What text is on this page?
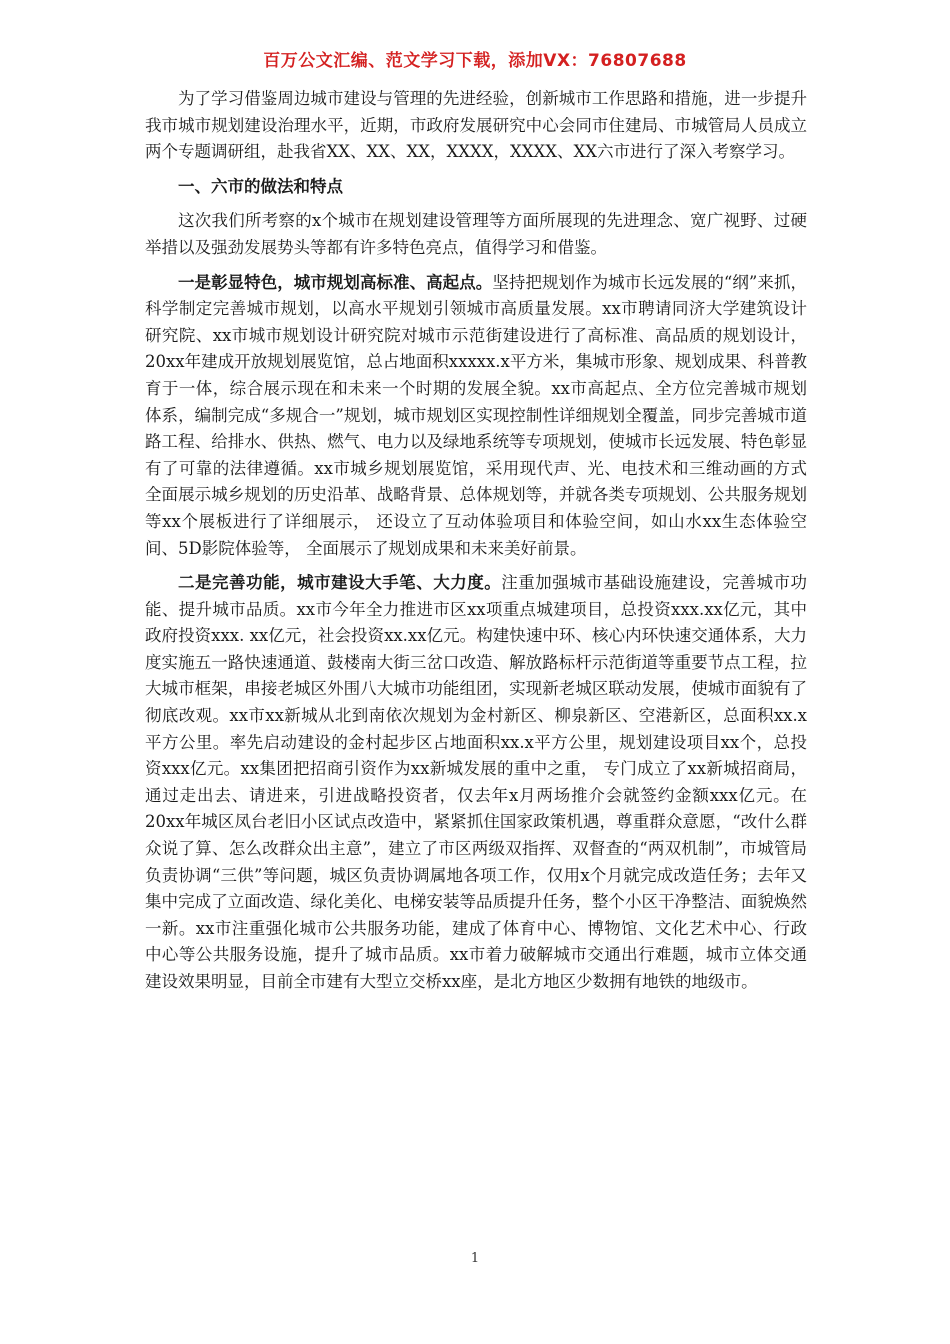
百万公文汇编、范文学习下载，添加VX：76807688

为了学习借鉴周边城市建设与管理的先进经验，创新城市工作思路和措施，进一步提升我市城市规划建设治理水平，近期，市政府发展研究中心会同市住建局、市城管局人员成立两个专题调研组，赴我省XX、XX、XX，XXXX，XXXX、XX六市进行了深入考察学习。

一、六市的做法和特点

这次我们所考察的x个城市在规划建设管理等方面所展现的先进理念、宽广视野、过硬举措以及强劲发展势头等都有许多特色亮点，值得学习和借鉴。

一是彰显特色，城市规划高标准、高起点。坚持把规划作为城市长远发展的“纲”来抓，科学制定完善城市规划，以高水平规划引领城市高质量发展。xx市聘请同济大学建筑设计研究院、xx市城市规划设计研究院对城市示范街建设进行了高标准、高品质的规划设计，20xx年建成开放规划展览馆，总占地面积xxxxx.x平方米，集城市形象、规划成果、科普教育于一体，综合展示现在和未来一个时期的发展全貌。xx市高起点、全方位完善城市规划体系，编制完成“多规合一”规划，城市规划区实现控制性详细规划全覆盖，同步完善城市道路工程、给排水、供热、燃气、电力以及绿地系统等专项规划，使城市长远发展、特色彰显有了可靠的法律遵循。xx市城乡规划展览馆，采用现代声、光、电技术和三维动画的方式全面展示城乡规划的历史沿革、战略背景、总体规划等，并就各类专项规划、公共服务规划等xx个展板进行了详细展示， 还设立了互动体验项目和体验空间，如山水xx生态体验空间、5D影院体验等， 全面展示了规划成果和未来美好前景。

二是完善功能，城市建设大手笔、大力度。注重加强城市基础设施建设，完善城市功能、提升城市品质。xx市今年全力推进市区xx项重点城建项目，总投资xxx.xx亿元，其中政府投资xxx. xx亿元，社会投资xx.xx亿元。构建快速中环、核心内环快速交通体系，大力度实施五一路快速通道、鼓楼南大街三岔口改造、解放路标杆示范街道等重要节点工程，拉大城市框架，串接老城区外围八大城市功能组团，实现新老城区联动发展，使城市面貌有了彻底改观。xx市xx新城从北到南依次规划为金村新区、柳泉新区、空港新区，总面积xx.x平方公里。率先启动建设的金村起步区占地面积xx.x平方公里，规划建设项目xx个，总投资xxx亿元。xx集团把招商引资作为xx新城发展的重中之重， 专门成立了xx新城招商局，通过走出去、请进来，引进战略投资者，仅去年x月两场推介会就签约金额xxx亿元。在20xx年城区凤台老旧小区试点改造中，紧紧抓住国家政策机遇，尊重群众意愿，“改什么群众说了算、怎么改群众出主意”，建立了市区两级双指挥、双督查的“两双机制”，市城管局负责协调“三供”等问题，城区负责协调属地各项工作，仅用x个月就完成改造任务；去年又集中完成了立面改造、绿化美化、电梯安装等品质提升任务，整个小区干净整洁、面貌焕然一新。xx市注重强化城市公共服务功能，建成了体育中心、博物馆、文化艺术中心、行政中心等公共服务设施，提升了城市品质。xx市着力破解城市交通出行难题，城市立体交通建设效果明显，目前全市建有大型立交桥xx座，是北方地区少数拥有地铁的地级市。

1
